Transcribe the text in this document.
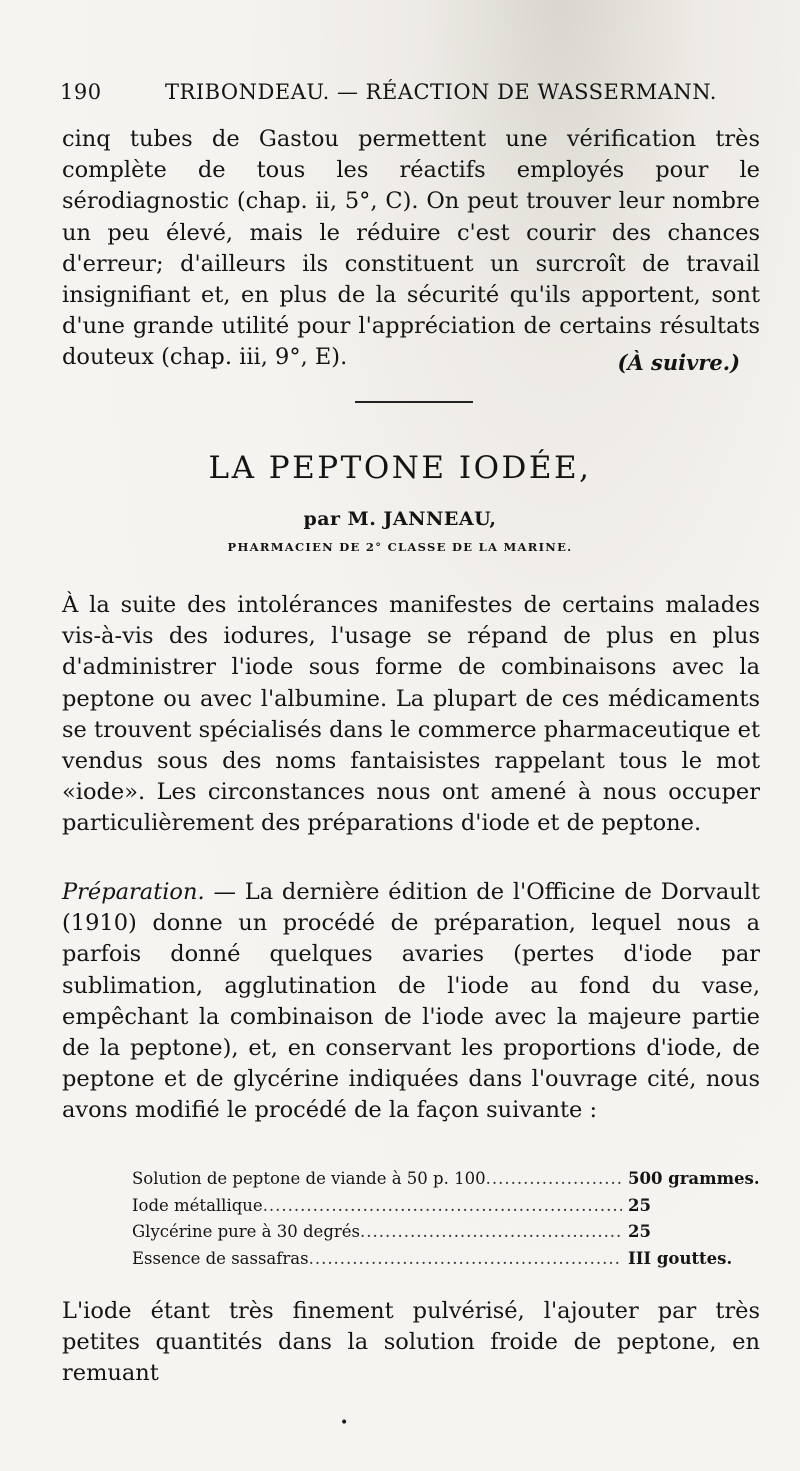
190	TRIBONDEAU. — RÉACTION DE WASSERMANN.
cinq tubes de Gastou permettent une vérification très complète de tous les réactifs employés pour le sérodiagnostic (chap. ii, 5°, C). On peut trouver leur nombre un peu élevé, mais le réduire c'est courir des chances d'erreur; d'ailleurs ils constituent un surcroît de travail insignifiant et, en plus de la sécurité qu'ils apportent, sont d'une grande utilité pour l'appréciation de certains résultats douteux (chap. iii, 9°, E).	(À suivre.)
LA PEPTONE IODÉE,
par M. JANNEAU,
PHARMACIEN DE 2° CLASSE DE LA MARINE.
À la suite des intolérances manifestes de certains malades vis-à-vis des iodures, l'usage se répand de plus en plus d'administrer l'iode sous forme de combinaisons avec la peptone ou avec l'albumine. La plupart de ces médicaments se trouvent spécialisés dans le commerce pharmaceutique et vendus sous des noms fantaisistes rappelant tous le mot «iode». Les circonstances nous ont amené à nous occuper particulièrement des préparations d'iode et de peptone.
Préparation. — La dernière édition de l'Officine de Dorvault (1910) donne un procédé de préparation, lequel nous a parfois donné quelques avaries (pertes d'iode par sublimation, agglutination de l'iode au fond du vase, empêchant la combinaison de l'iode avec la majeure partie de la peptone), et, en conservant les proportions d'iode, de peptone et de glycérine indiquées dans l'ouvrage cité, nous avons modifié le procédé de la façon suivante :
Solution de peptone de viande à 50 p. 100 .....	500 grammes.
Iode métallique .....	25
Glycérine pure à 30 degrés .....	25
Essence de sassafras .....	III gouttes.
L'iode étant très finement pulvérisé, l'ajouter par très petites quantités dans la solution froide de peptone, en remuant
•
